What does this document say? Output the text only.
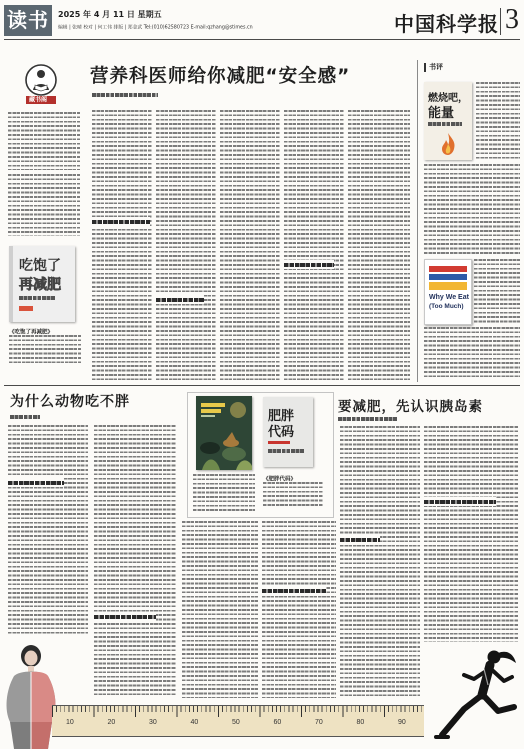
读书	2025 年 4 月 11 日 星期五
编辑 | 张晴 校对 | 何工伟 排版 | 郑金武 Tel:(010)62580723 E-mail:qzhang@stimes.cn	中国科学报 3
藏书阁
吃饱了
再减肥
《吃饱了再减肥》
营养科医师给你减肥“安全感”	书评
燃烧吧，
能量
Why We Eat
(Too Much)
为什么动物吃不胖
肥胖
代码
《肥胖代码》
要减肥，先认识胰岛素
10	20	30	40	50	60	70	80	90
